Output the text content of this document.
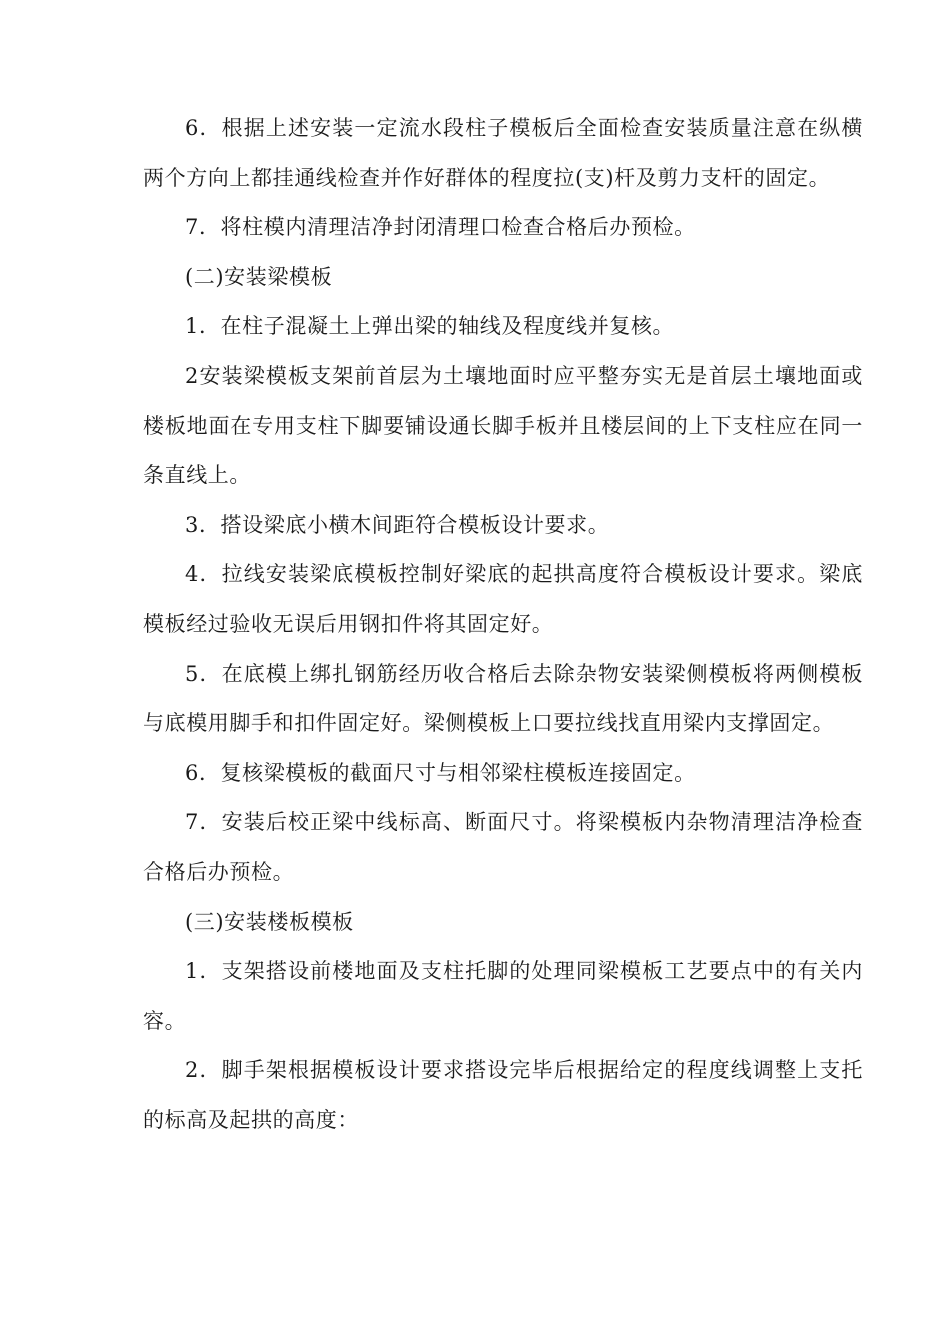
6．根据上述安装一定流水段柱子模板后全面检查安装质量注意在纵横两个方向上都挂通线检查并作好群体的程度拉(支)杆及剪力支杆的固定。

7．将柱模内清理洁净封闭清理口检查合格后办预检。

(二)安装梁模板

1．在柱子混凝土上弹出梁的轴线及程度线并复核。

2安装梁模板支架前首层为土壤地面时应平整夯实无是首层土壤地面或楼板地面在专用支柱下脚要铺设通长脚手板并且楼层间的上下支柱应在同一条直线上。

3．搭设梁底小横木间距符合模板设计要求。

4．拉线安装梁底模板控制好梁底的起拱高度符合模板设计要求。梁底模板经过验收无误后用钢扣件将其固定好。

5．在底模上绑扎钢筋经历收合格后去除杂物安装梁侧模板将两侧模板与底模用脚手和扣件固定好。梁侧模板上口要拉线找直用梁内支撑固定。

6．复核梁模板的截面尺寸与相邻梁柱模板连接固定。

7．安装后校正梁中线标高、断面尺寸。将梁模板内杂物清理洁净检查合格后办预检。

(三)安装楼板模板

1．支架搭设前楼地面及支柱托脚的处理同梁模板工艺要点中的有关内容。

2．脚手架根据模板设计要求搭设完毕后根据给定的程度线调整上支托的标高及起拱的高度：
